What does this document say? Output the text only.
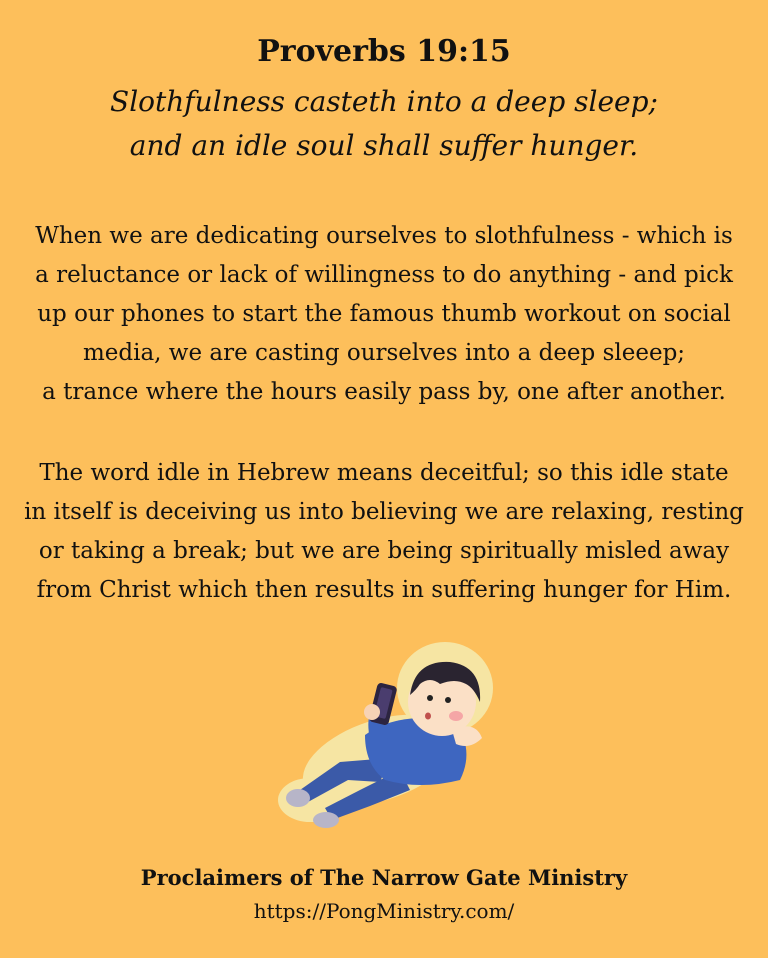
Proverbs 19:15
Slothfulness casteth into a deep sleep;
and an idle soul shall suffer hunger.
When we are dedicating ourselves to slothfulness - which is
a reluctance or lack of willingness to do anything - and pick
up our phones to start the famous thumb workout on social
media, we are casting ourselves into a deep sleeep;
a trance where the hours easily pass by, one after another.
The word idle in Hebrew means deceitful; so this idle state
in itself is deceiving us into believing we are relaxing, resting
or taking a break; but we are being spiritually misled away
from Christ which then results in suffering hunger for Him.
Proclaimers of The Narrow Gate Ministry
https://PongMinistry.com/
